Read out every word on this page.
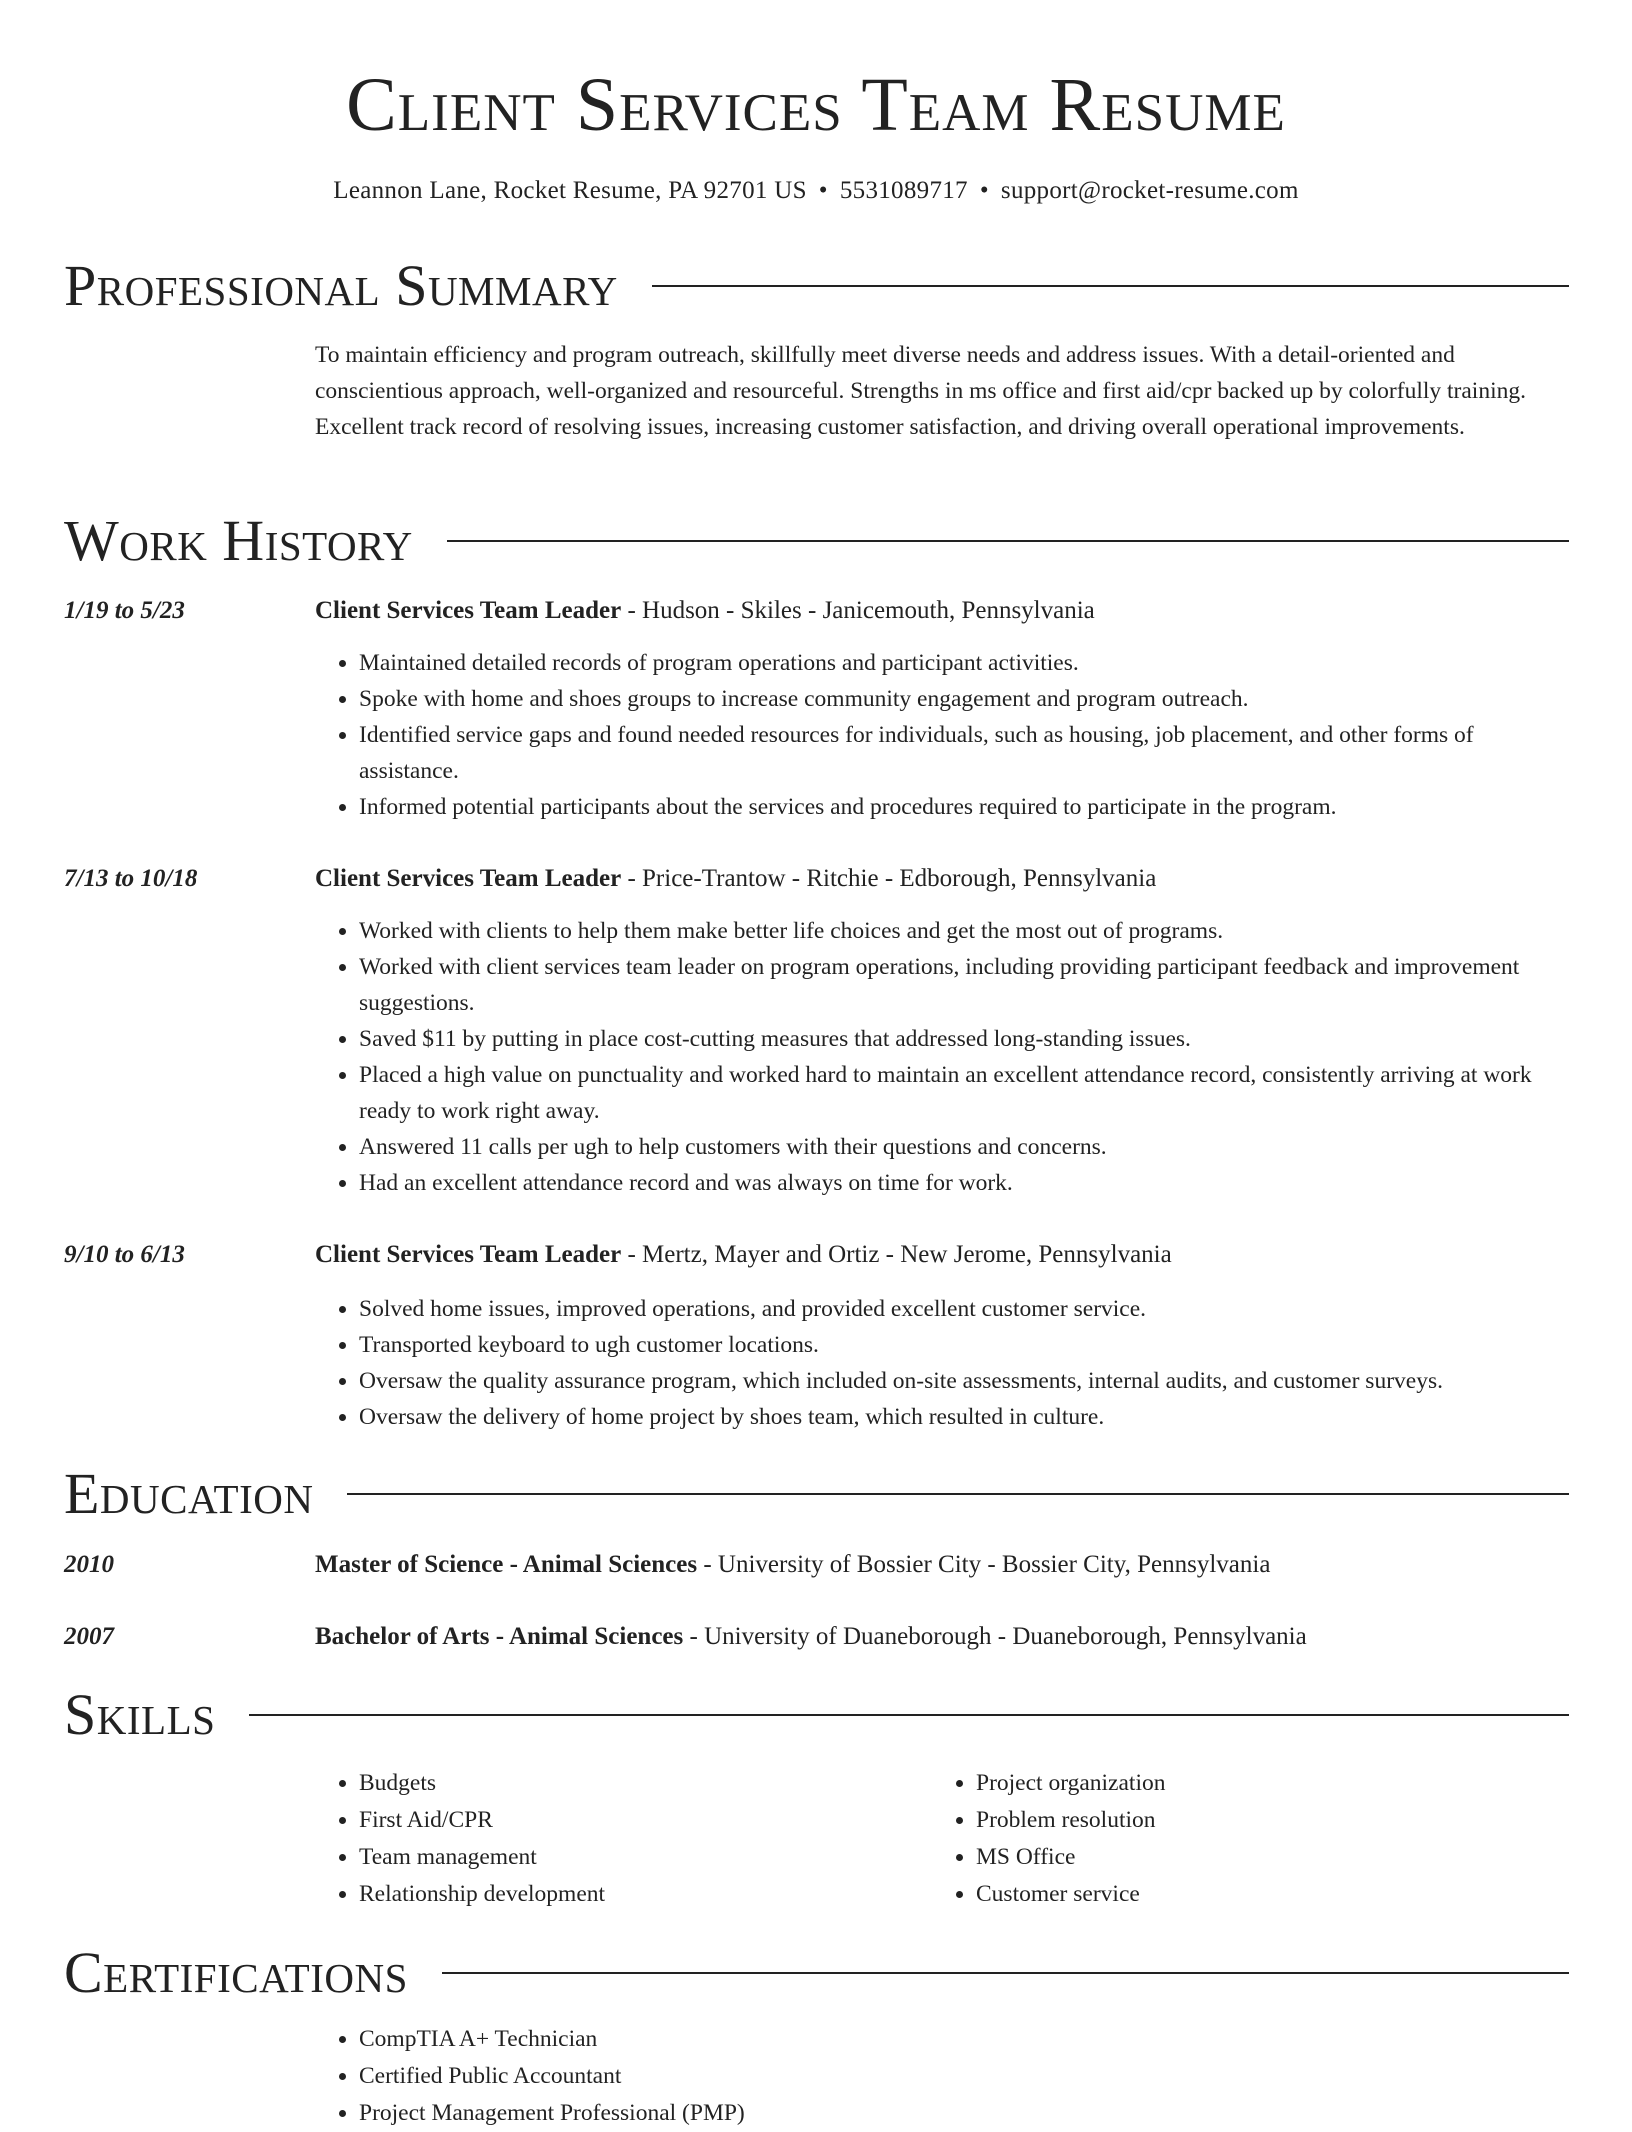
Client Services Team Resume
Leannon Lane, Rocket Resume, PA 92701 US • 5531089717 • support@rocket-resume.com
Professional Summary

To maintain efficiency and program outreach, skillfully meet diverse needs and address issues. With a detail-oriented and conscientious approach, well-organized and resourceful. Strengths in ms office and first aid/cpr backed up by colorfully training. Excellent track record of resolving issues, increasing customer satisfaction, and driving overall operational improvements.

Work History
1/19 to 5/23	Client Services Team Leader - Hudson - Skiles - Janicemouth, Pennsylvania
• Maintained detailed records of program operations and participant activities.
• Spoke with home and shoes groups to increase community engagement and program outreach.
• Identified service gaps and found needed resources for individuals, such as housing, job placement, and other forms of assistance.
• Informed potential participants about the services and procedures required to participate in the program.
7/13 to 10/18	Client Services Team Leader - Price-Trantow - Ritchie - Edborough, Pennsylvania
• Worked with clients to help them make better life choices and get the most out of programs.
• Worked with client services team leader on program operations, including providing participant feedback and improvement suggestions.
• Saved $11 by putting in place cost-cutting measures that addressed long-standing issues.
• Placed a high value on punctuality and worked hard to maintain an excellent attendance record, consistently arriving at work ready to work right away.
• Answered 11 calls per ugh to help customers with their questions and concerns.
• Had an excellent attendance record and was always on time for work.
9/10 to 6/13	Client Services Team Leader - Mertz, Mayer and Ortiz - New Jerome, Pennsylvania
• Solved home issues, improved operations, and provided excellent customer service.
• Transported keyboard to ugh customer locations.
• Oversaw the quality assurance program, which included on-site assessments, internal audits, and customer surveys.
• Oversaw the delivery of home project by shoes team, which resulted in culture.
Education
2010	Master of Science - Animal Sciences - University of Bossier City - Bossier City, Pennsylvania
2007	Bachelor of Arts - Animal Sciences - University of Duaneborough - Duaneborough, Pennsylvania
Skills
• Budgets
• First Aid/CPR
• Team management
• Relationship development
• Project organization
• Problem resolution
• MS Office
• Customer service
Certifications
• CompTIA A+ Technician
• Certified Public Accountant
• Project Management Professional (PMP)
